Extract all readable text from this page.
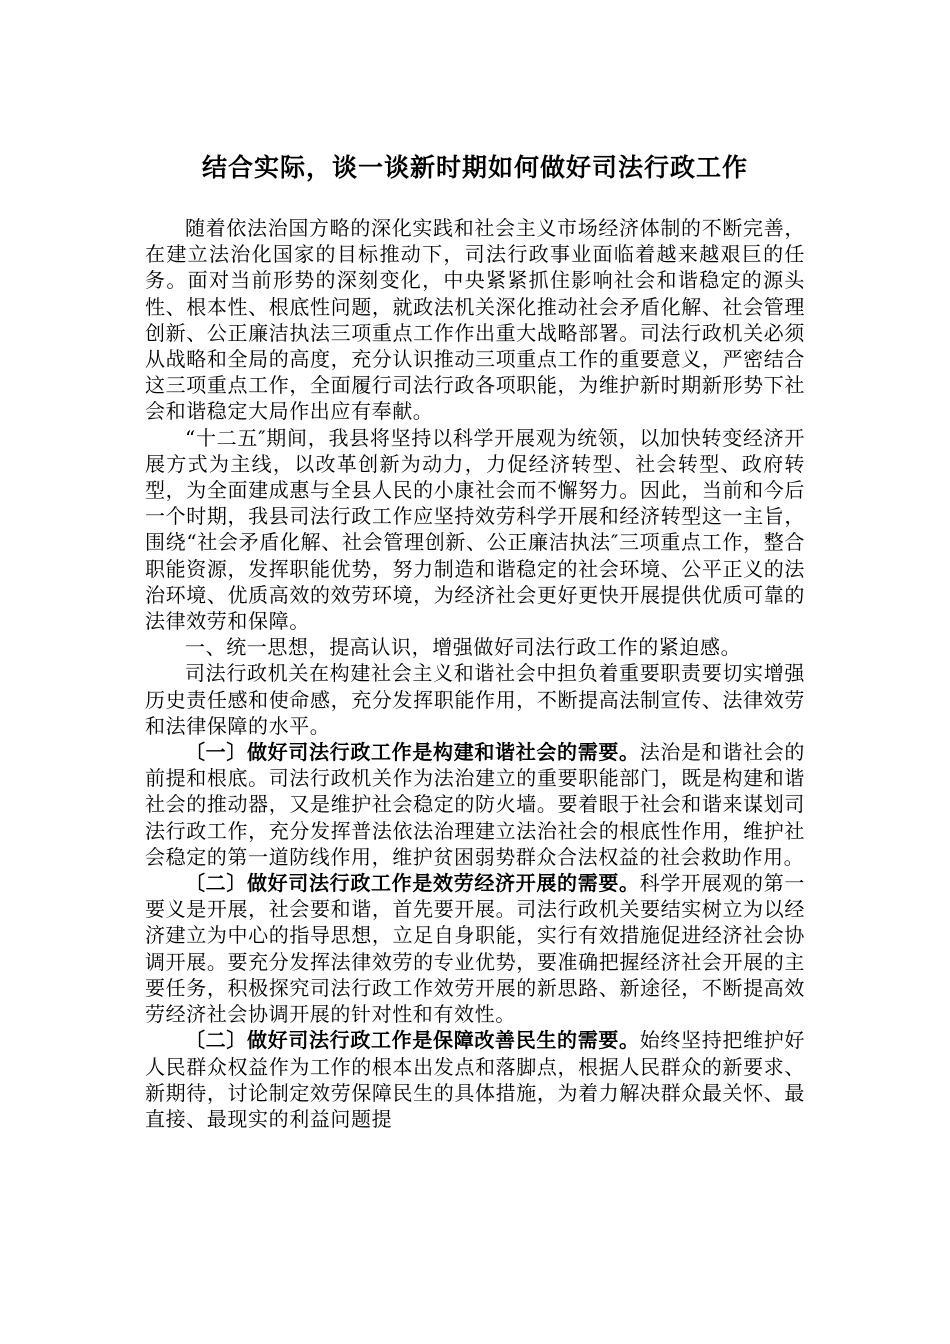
结合实际，谈一谈新时期如何做好司法行政工作

随着依法治国方略的深化实践和社会主义市场经济体制的不断完善，在建立法治化国家的目标推动下，司法行政事业面临着越来越艰巨的任务。面对当前形势的深刻变化，中央紧紧抓住影响社会和谐稳定的源头性、根本性、根底性问题，就政法机关深化推动社会矛盾化解、社会管理创新、公正廉洁执法三项重点工作作出重大战略部署。司法行政机关必须从战略和全局的高度，充分认识推动三项重点工作的重要意义，严密结合这三项重点工作，全面履行司法行政各项职能，为维护新时期新形势下社会和谐稳定大局作出应有奉献。

“十二五″期间，我县将坚持以科学开展观为统领，以加快转变经济开展方式为主线，以改革创新为动力，力促经济转型、社会转型、政府转型，为全面建成惠与全县人民的小康社会而不懈努力。因此，当前和今后一个时期，我县司法行政工作应坚持效劳科学开展和经济转型这一主旨，围绕“社会矛盾化解、社会管理创新、公正廉洁执法″三项重点工作，整合职能资源，发挥职能优势，努力制造和谐稳定的社会环境、公平正义的法治环境、优质高效的效劳环境，为经济社会更好更快开展提供优质可靠的法律效劳和保障。

一、统一思想，提高认识，增强做好司法行政工作的紧迫感。

司法行政机关在构建社会主义和谐社会中担负着重要职责要切实增强历史责任感和使命感，充分发挥职能作用，不断提高法制宣传、法律效劳和法律保障的水平。

〔一〕做好司法行政工作是构建和谐社会的需要。法治是和谐社会的前提和根底。司法行政机关作为法治建立的重要职能部门，既是构建和谐社会的推动器，又是维护社会稳定的防火墙。要着眼于社会和谐来谋划司法行政工作，充分发挥普法依法治理建立法治社会的根底性作用，维护社会稳定的第一道防线作用，维护贫困弱势群众合法权益的社会救助作用。

〔二〕做好司法行政工作是效劳经济开展的需要。科学开展观的第一要义是开展，社会要和谐，首先要开展。司法行政机关要结实树立为以经济建立为中心的指导思想，立足自身职能，实行有效措施促进经济社会协调开展。要充分发挥法律效劳的专业优势，要准确把握经济社会开展的主要任务，积极探究司法行政工作效劳开展的新思路、新途径，不断提高效劳经济社会协调开展的针对性和有效性。

〔二〕做好司法行政工作是保障改善民生的需要。始终坚持把维护好人民群众权益作为工作的根本出发点和落脚点，根据人民群众的新要求、新期待，讨论制定效劳保障民生的具体措施，为着力解决群众最关怀、最直接、最现实的利益问题提
